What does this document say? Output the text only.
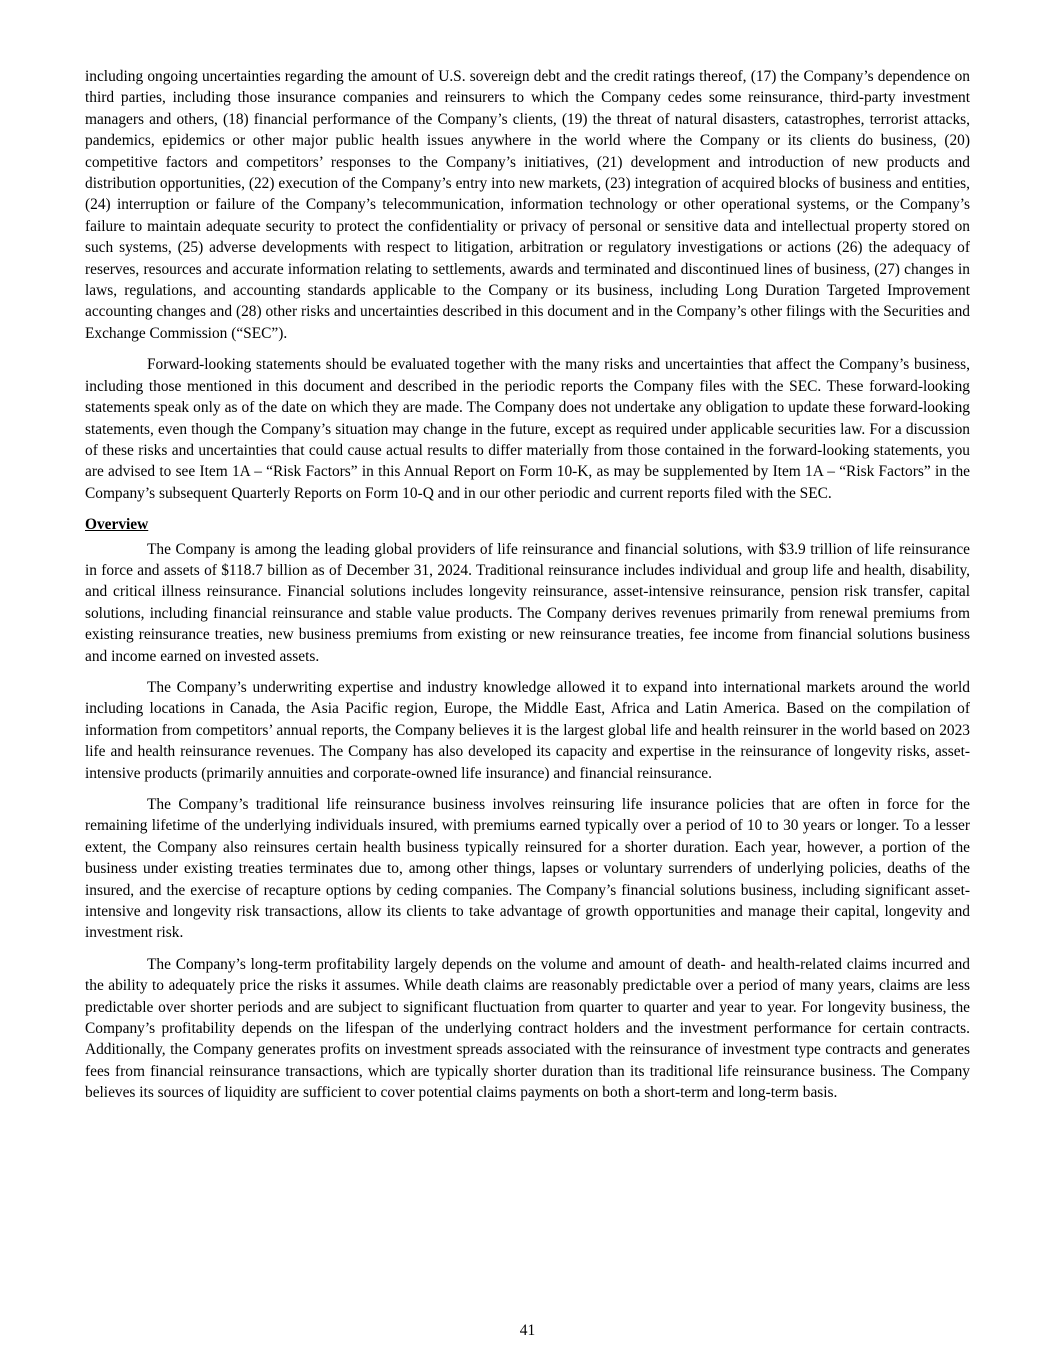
including ongoing uncertainties regarding the amount of U.S. sovereign debt and the credit ratings thereof, (17) the Company’s dependence on third parties, including those insurance companies and reinsurers to which the Company cedes some reinsurance, third-party investment managers and others, (18) financial performance of the Company’s clients, (19) the threat of natural disasters, catastrophes, terrorist attacks, pandemics, epidemics or other major public health issues anywhere in the world where the Company or its clients do business, (20) competitive factors and competitors’ responses to the Company’s initiatives, (21) development and introduction of new products and distribution opportunities, (22) execution of the Company’s entry into new markets, (23) integration of acquired blocks of business and entities, (24) interruption or failure of the Company’s telecommunication, information technology or other operational systems, or the Company’s failure to maintain adequate security to protect the confidentiality or privacy of personal or sensitive data and intellectual property stored on such systems, (25) adverse developments with respect to litigation, arbitration or regulatory investigations or actions (26) the adequacy of reserves, resources and accurate information relating to settlements, awards and terminated and discontinued lines of business, (27) changes in laws, regulations, and accounting standards applicable to the Company or its business, including Long Duration Targeted Improvement accounting changes and (28) other risks and uncertainties described in this document and in the Company’s other filings with the Securities and Exchange Commission (“SEC”).

Forward-looking statements should be evaluated together with the many risks and uncertainties that affect the Company’s business, including those mentioned in this document and described in the periodic reports the Company files with the SEC. These forward-looking statements speak only as of the date on which they are made. The Company does not undertake any obligation to update these forward-looking statements, even though the Company’s situation may change in the future, except as required under applicable securities law. For a discussion of these risks and uncertainties that could cause actual results to differ materially from those contained in the forward-looking statements, you are advised to see Item 1A – “Risk Factors” in this Annual Report on Form 10-K, as may be supplemented by Item 1A – “Risk Factors” in the Company’s subsequent Quarterly Reports on Form 10-Q and in our other periodic and current reports filed with the SEC.

Overview

The Company is among the leading global providers of life reinsurance and financial solutions, with $3.9 trillion of life reinsurance in force and assets of $118.7 billion as of December 31, 2024. Traditional reinsurance includes individual and group life and health, disability, and critical illness reinsurance. Financial solutions includes longevity reinsurance, asset-intensive reinsurance, pension risk transfer, capital solutions, including financial reinsurance and stable value products. The Company derives revenues primarily from renewal premiums from existing reinsurance treaties, new business premiums from existing or new reinsurance treaties, fee income from financial solutions business and income earned on invested assets.

The Company’s underwriting expertise and industry knowledge allowed it to expand into international markets around the world including locations in Canada, the Asia Pacific region, Europe, the Middle East, Africa and Latin America. Based on the compilation of information from competitors’ annual reports, the Company believes it is the largest global life and health reinsurer in the world based on 2023 life and health reinsurance revenues. The Company has also developed its capacity and expertise in the reinsurance of longevity risks, asset-intensive products (primarily annuities and corporate-owned life insurance) and financial reinsurance.

The Company’s traditional life reinsurance business involves reinsuring life insurance policies that are often in force for the remaining lifetime of the underlying individuals insured, with premiums earned typically over a period of 10 to 30 years or longer. To a lesser extent, the Company also reinsures certain health business typically reinsured for a shorter duration. Each year, however, a portion of the business under existing treaties terminates due to, among other things, lapses or voluntary surrenders of underlying policies, deaths of the insured, and the exercise of recapture options by ceding companies. The Company’s financial solutions business, including significant asset-intensive and longevity risk transactions, allow its clients to take advantage of growth opportunities and manage their capital, longevity and investment risk.

The Company’s long-term profitability largely depends on the volume and amount of death- and health-related claims incurred and the ability to adequately price the risks it assumes. While death claims are reasonably predictable over a period of many years, claims are less predictable over shorter periods and are subject to significant fluctuation from quarter to quarter and year to year. For longevity business, the Company’s profitability depends on the lifespan of the underlying contract holders and the investment performance for certain contracts. Additionally, the Company generates profits on investment spreads associated with the reinsurance of investment type contracts and generates fees from financial reinsurance transactions, which are typically shorter duration than its traditional life reinsurance business. The Company believes its sources of liquidity are sufficient to cover potential claims payments on both a short-term and long-term basis.

41
